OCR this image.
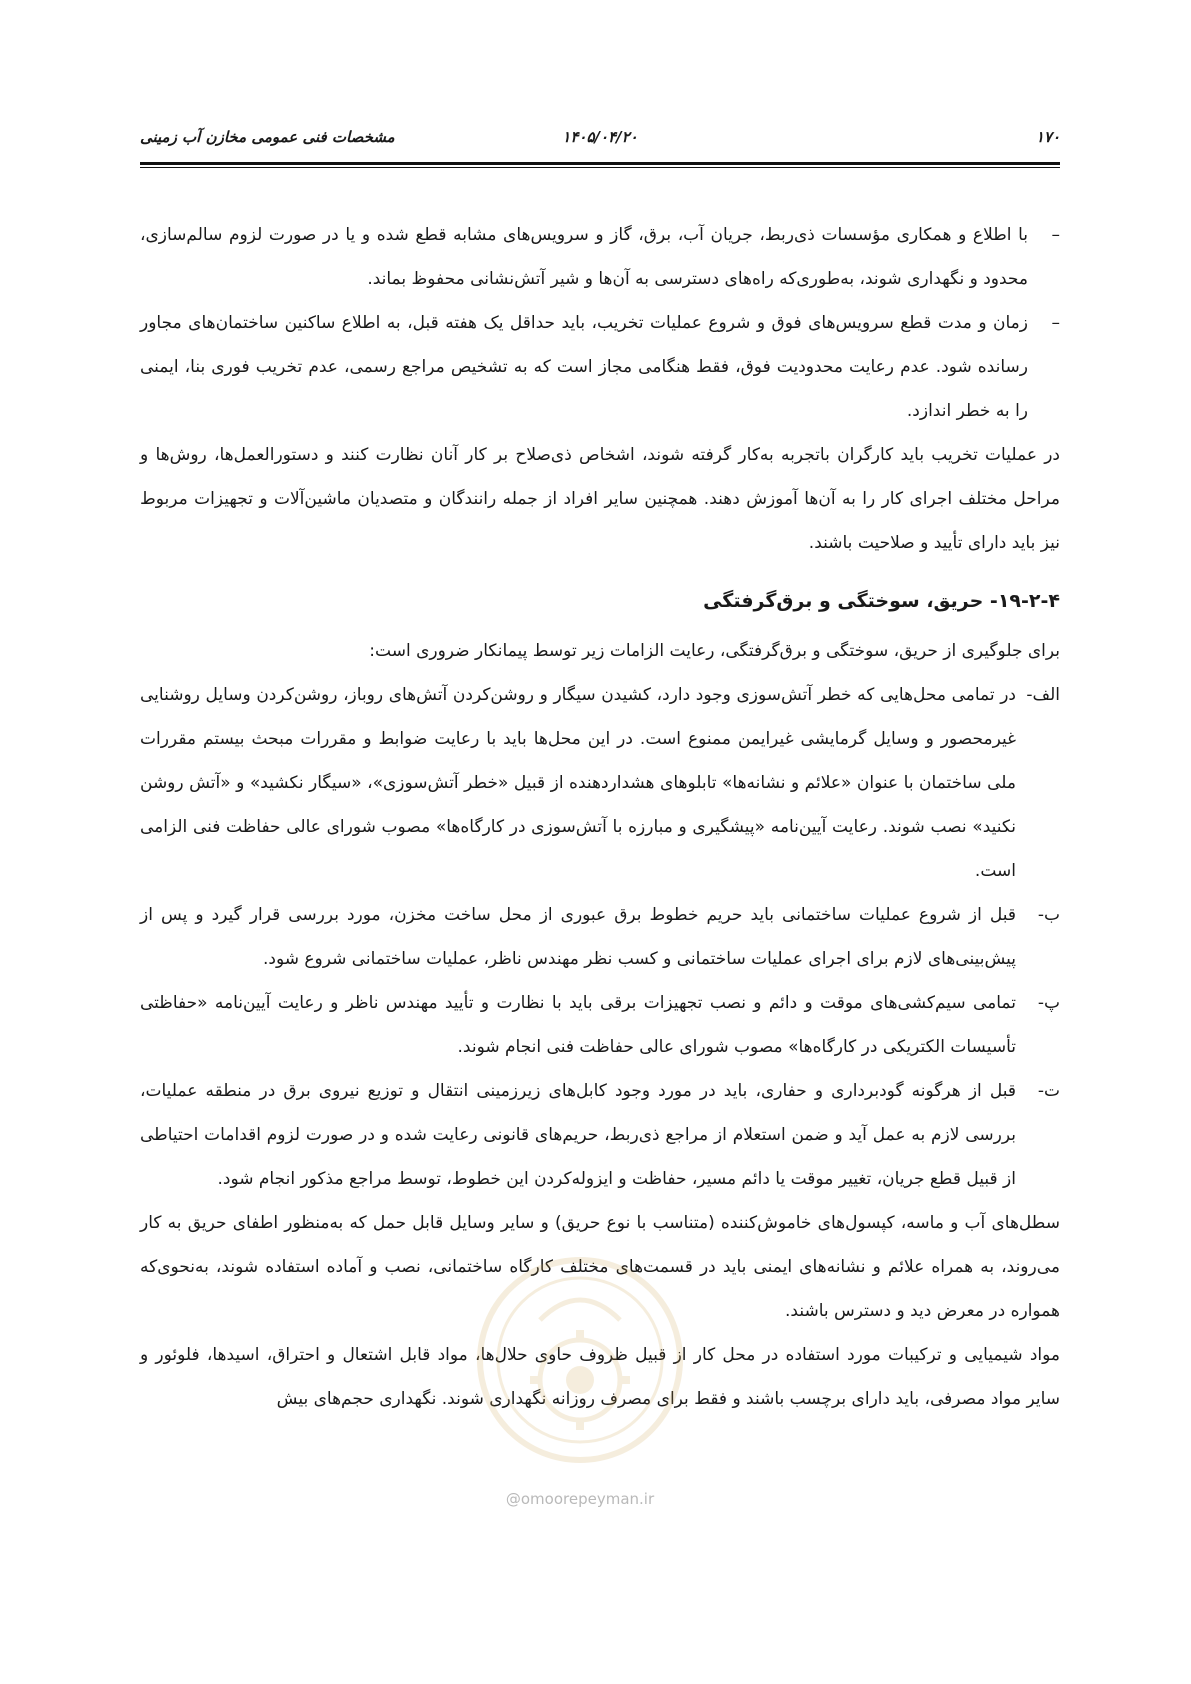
۱۷۰
۱۴۰۵/۰۴/۲۰
مشخصات فنی عمومی مخازن آب زمینی

–
با اطلاع و همکاری مؤسسات ذی‌ربط، جریان آب، برق، گاز و سرویس‌های مشابه قطع شده و یا در صورت لزوم سالم‌سازی، محدود و نگهداری شوند، به‌طوری‌که راه‌های دسترسی به آن‌ها و شیر آتش‌نشانی محفوظ بماند.

–
زمان و مدت قطع سرویس‌های فوق و شروع عملیات تخریب، باید حداقل یک هفته قبل، به اطلاع ساکنین ساختمان‌های مجاور رسانده شود. عدم رعایت محدودیت فوق، فقط هنگامی مجاز است که به تشخیص مراجع رسمی، عدم تخریب فوری بنا، ایمنی را به خطر اندازد.

در عملیات تخریب باید کارگران باتجربه به‌کار گرفته شوند، اشخاص ذی‌صلاح بر کار آنان نظارت کنند و دستورالعمل‌ها، روش‌ها و مراحل مختلف اجرای کار را به آن‌ها آموزش دهند. همچنین سایر افراد از جمله رانندگان و متصدیان ماشین‌آلات و تجهیزات مربوط نیز باید دارای تأیید و صلاحیت باشند.

۱۹-۲-۴- حریق، سوختگی و برق‌گرفتگی

برای جلوگیری از حریق، سوختگی و برق‌گرفتگی، رعایت الزامات زیر توسط پیمانکار ضروری است:

الف-
در تمامی محل‌هایی که خطر آتش‌سوزی وجود دارد، کشیدن سیگار و روشن‌کردن آتش‌های روباز، روشن‌کردن وسایل روشنایی غیرمحصور و وسایل گرمایشی غیرایمن ممنوع است. در این محل‌ها باید با رعایت ضوابط و مقررات مبحث بیستم مقررات ملی ساختمان با عنوان «علائم و نشانه‌ها» تابلوهای هشداردهنده از قبیل «خطر آتش‌سوزی»، «سیگار نکشید» و «آتش روشن نکنید» نصب شوند. رعایت آیین‌نامه «پیشگیری و مبارزه با آتش‌سوزی در کارگاه‌ها» مصوب شورای عالی حفاظت فنی الزامی است.

ب-
قبل از شروع عملیات ساختمانی باید حریم خطوط برق عبوری از محل ساخت مخزن، مورد بررسی قرار گیرد و پس از پیش‌بینی‌های لازم برای اجرای عملیات ساختمانی و کسب نظر مهندس ناظر، عملیات ساختمانی شروع شود.

پ-
تمامی سیم‌کشی‌های موقت و دائم و نصب تجهیزات برقی باید با نظارت و تأیید مهندس ناظر و رعایت آیین‌نامه «حفاظتی تأسیسات الکتریکی در کارگاه‌ها» مصوب شورای عالی حفاظت فنی انجام شوند.

ت-
قبل از هرگونه گودبرداری و حفاری، باید در مورد وجود کابل‌های زیرزمینی انتقال و توزیع نیروی برق در منطقه عملیات، بررسی لازم به عمل آید و ضمن استعلام از مراجع ذی‌ربط، حریم‌های قانونی رعایت شده و در صورت لزوم اقدامات احتیاطی از قبیل قطع جریان، تغییر موقت یا دائم مسیر، حفاظت و ایزوله‌کردن این خطوط، توسط مراجع مذکور انجام شود.

سطل‌های آب و ماسه، کپسول‌های خاموش‌کننده (متناسب با نوع حریق) و سایر وسایل قابل حمل که به‌منظور اطفای حریق به کار می‌روند، به همراه علائم و نشانه‌های ایمنی باید در قسمت‌های مختلف کارگاه ساختمانی، نصب و آماده استفاده شوند، به‌نحوی‌که همواره در معرض دید و دسترس باشند.

مواد شیمیایی و ترکیبات مورد استفاده در محل کار از قبیل ظروف حاوی حلال‌ها، مواد قابل اشتعال و احتراق، اسیدها، فلوئور و سایر مواد مصرفی، باید دارای برچسب باشند و فقط برای مصرف روزانه نگهداری شوند. نگهداری حجم‌های بیش

@omoorepeyman.ir
